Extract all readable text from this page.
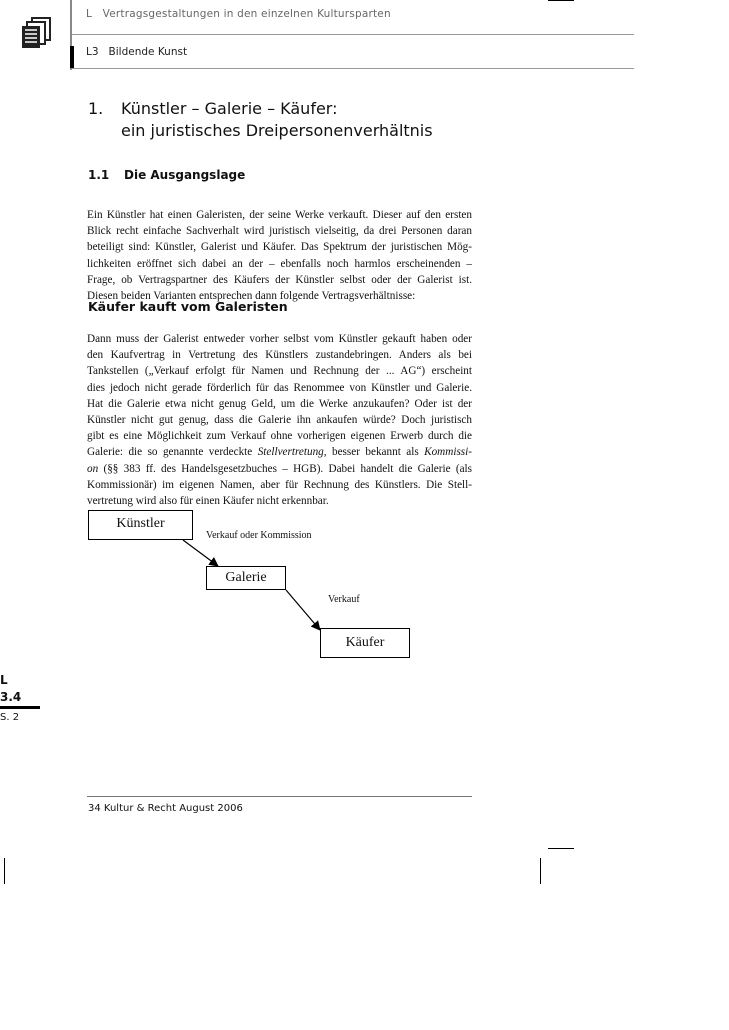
L   Vertragsgestaltungen in den einzelnen Kultursparten
L3   Bildende Kunst
1. Künstler – Galerie – Käufer:
ein juristisches Dreipersonenverhältnis
1.1 Die Ausgangslage
Ein Künstler hat einen Galeristen, der seine Werke verkauft. Dieser auf den ersten
Blick recht einfache Sachverhalt wird juristisch vielseitig, da drei Personen daran
beteiligt sind: Künstler, Galerist und Käufer. Das Spektrum der juristischen Mög-
lichkeiten eröffnet sich dabei an der – ebenfalls noch harmlos erscheinenden –
Frage, ob Vertragspartner des Käufers der Künstler selbst oder der Galerist ist.
Diesen beiden Varianten entsprechen dann folgende Vertragsverhältnisse:
Käufer kauft vom Galeristen
Dann muss der Galerist entweder vorher selbst vom Künstler gekauft haben oder
den Kaufvertrag in Vertretung des Künstlers zustandebringen. Anders als bei
Tankstellen („Verkauf erfolgt für Namen und Rechnung der ... AG“) erscheint
dies jedoch nicht gerade förderlich für das Renommee von Künstler und Galerie.
Hat die Galerie etwa nicht genug Geld, um die Werke anzukaufen? Oder ist der
Künstler nicht gut genug, dass die Galerie ihn ankaufen würde? Doch juristisch
gibt es eine Möglichkeit zum Verkauf ohne vorherigen eigenen Erwerb durch die
Galerie: die so genannte verdeckte Stellvertretung, besser bekannt als Kommissi-
on (§§ 383 ff. des Handelsgesetzbuches – HGB). Dabei handelt die Galerie (als
Kommissionär) im eigenen Namen, aber für Rechnung des Künstlers. Die Stell-
vertretung wird also für einen Käufer nicht erkennbar.
Künstler
Verkauf oder Kommission
Galerie
Verkauf
Käufer
L
3.4
S. 2
34 Kultur & Recht August 2006
